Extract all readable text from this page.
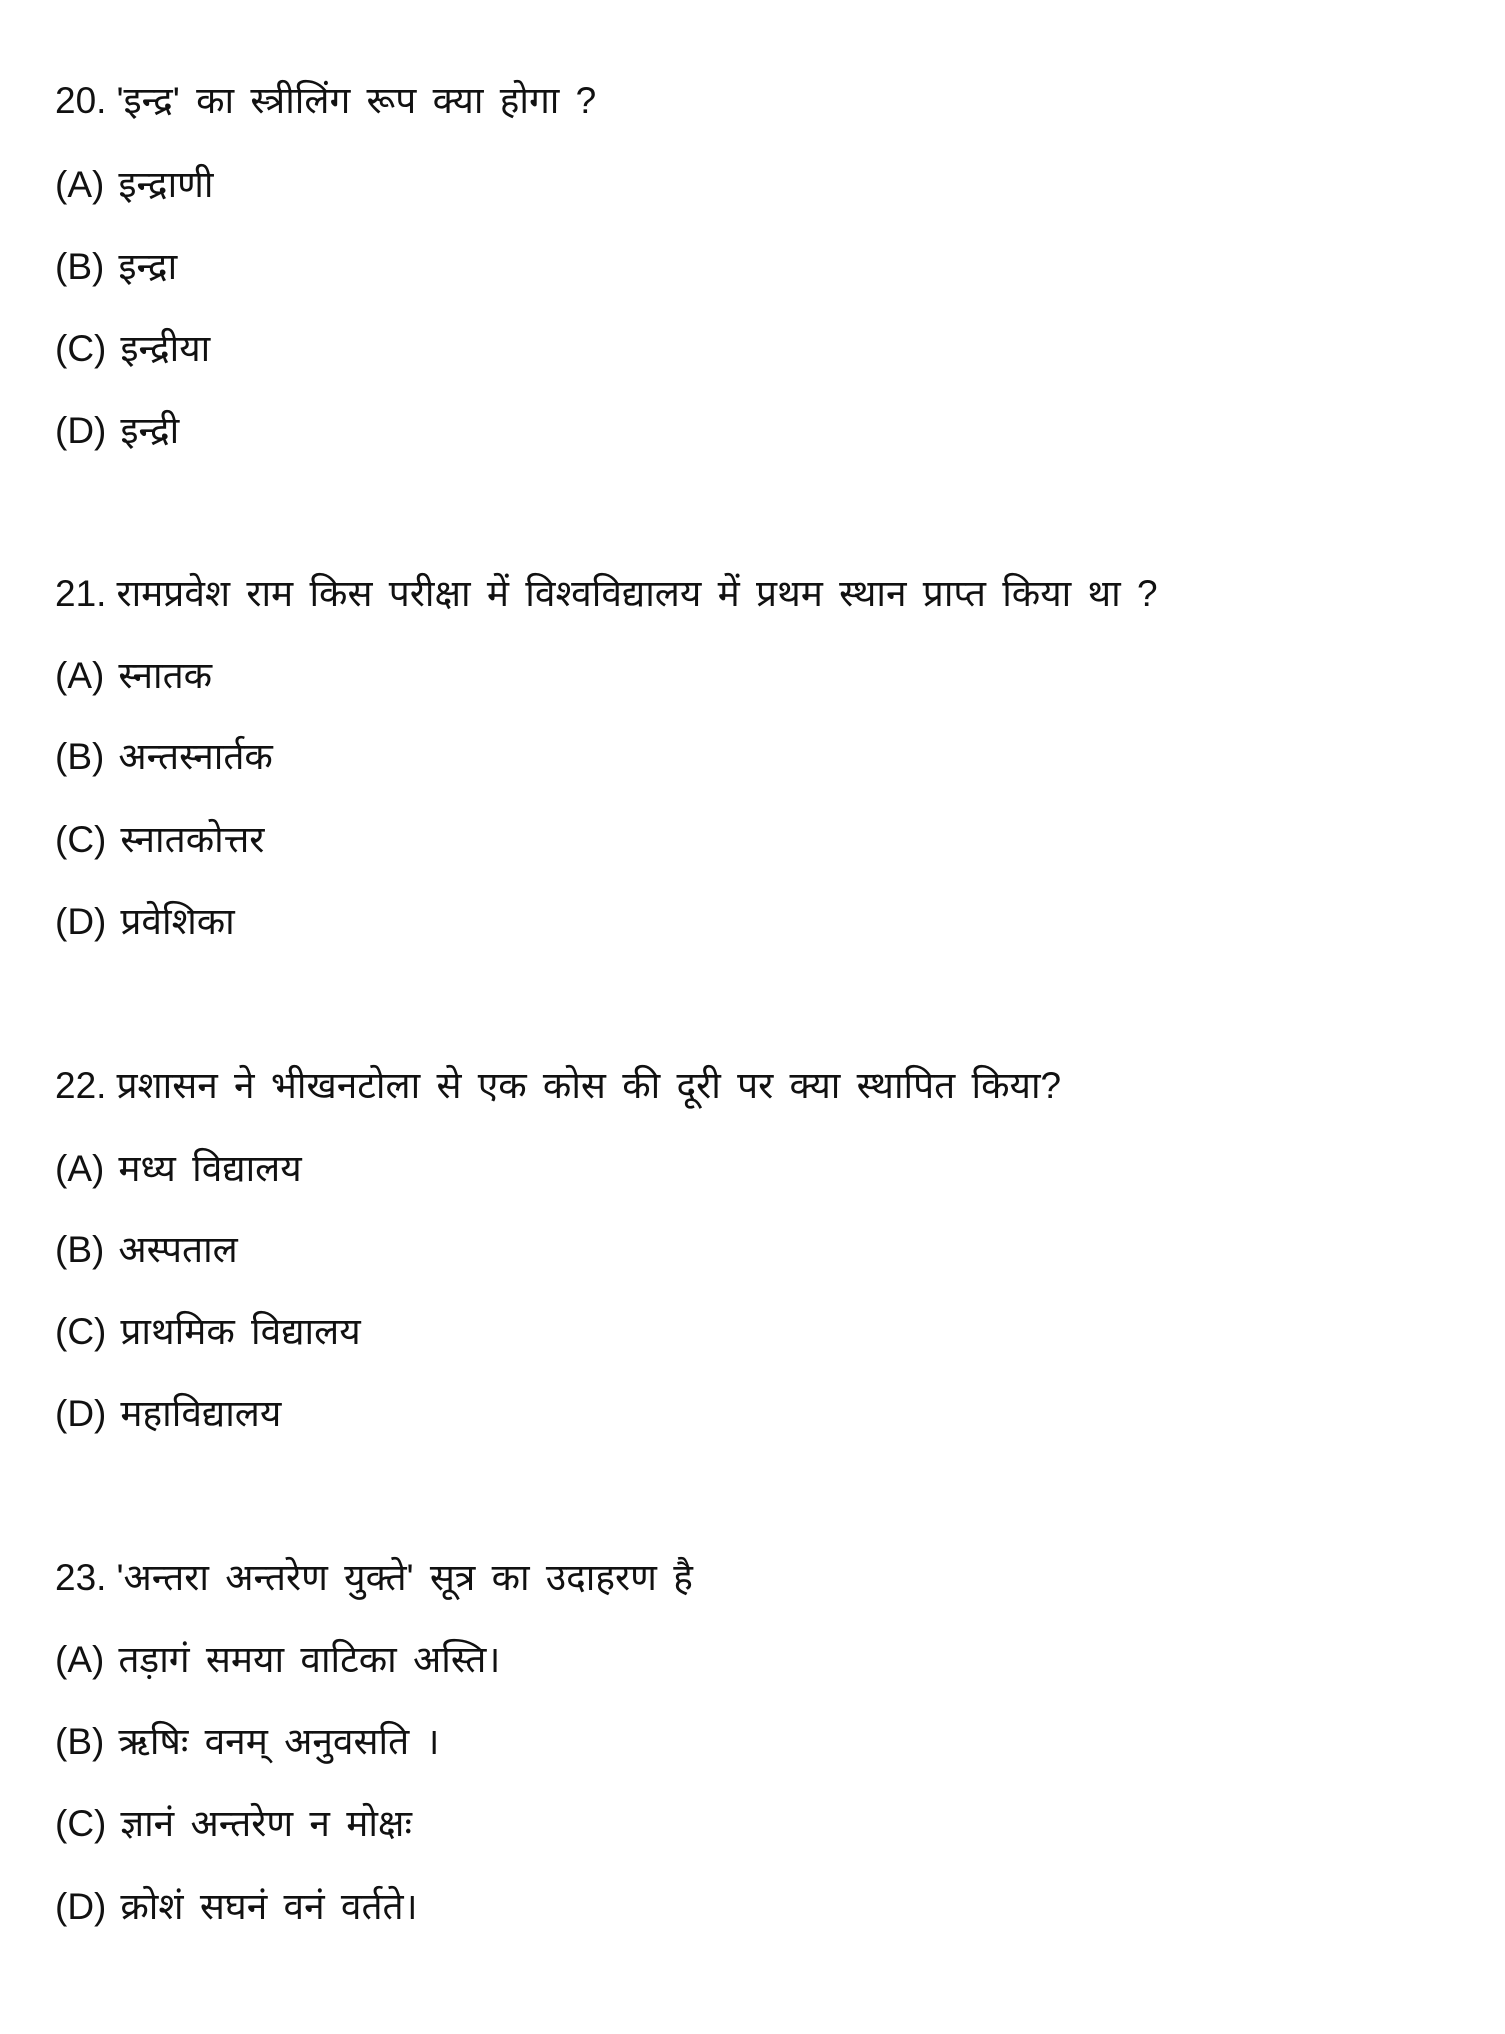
20. 'इन्द्र' का स्त्रीलिंग रूप क्या होगा ?
(A) इन्द्राणी
(B) इन्द्रा
(C) इन्द्रीया
(D) इन्द्री
21. रामप्रवेश राम किस परीक्षा में विश्वविद्यालय में प्रथम स्थान प्राप्त किया था ?
(A) स्नातक
(B) अन्तस्नार्तक
(C) स्नातकोत्तर
(D) प्रवेशिका
22. प्रशासन ने भीखनटोला से एक कोस की दूरी पर क्या स्थापित किया?
(A) मध्य विद्यालय
(B) अस्पताल
(C) प्राथमिक विद्यालय
(D) महाविद्यालय
23. 'अन्तरा अन्तरेण युक्ते' सूत्र का उदाहरण है
(A) तड़ागं समया वाटिका अस्ति।
(B) ऋषिः वनम् अनुवसति ।
(C) ज्ञानं अन्तरेण न मोक्षः
(D) क्रोशं सघनं वनं वर्तते।
